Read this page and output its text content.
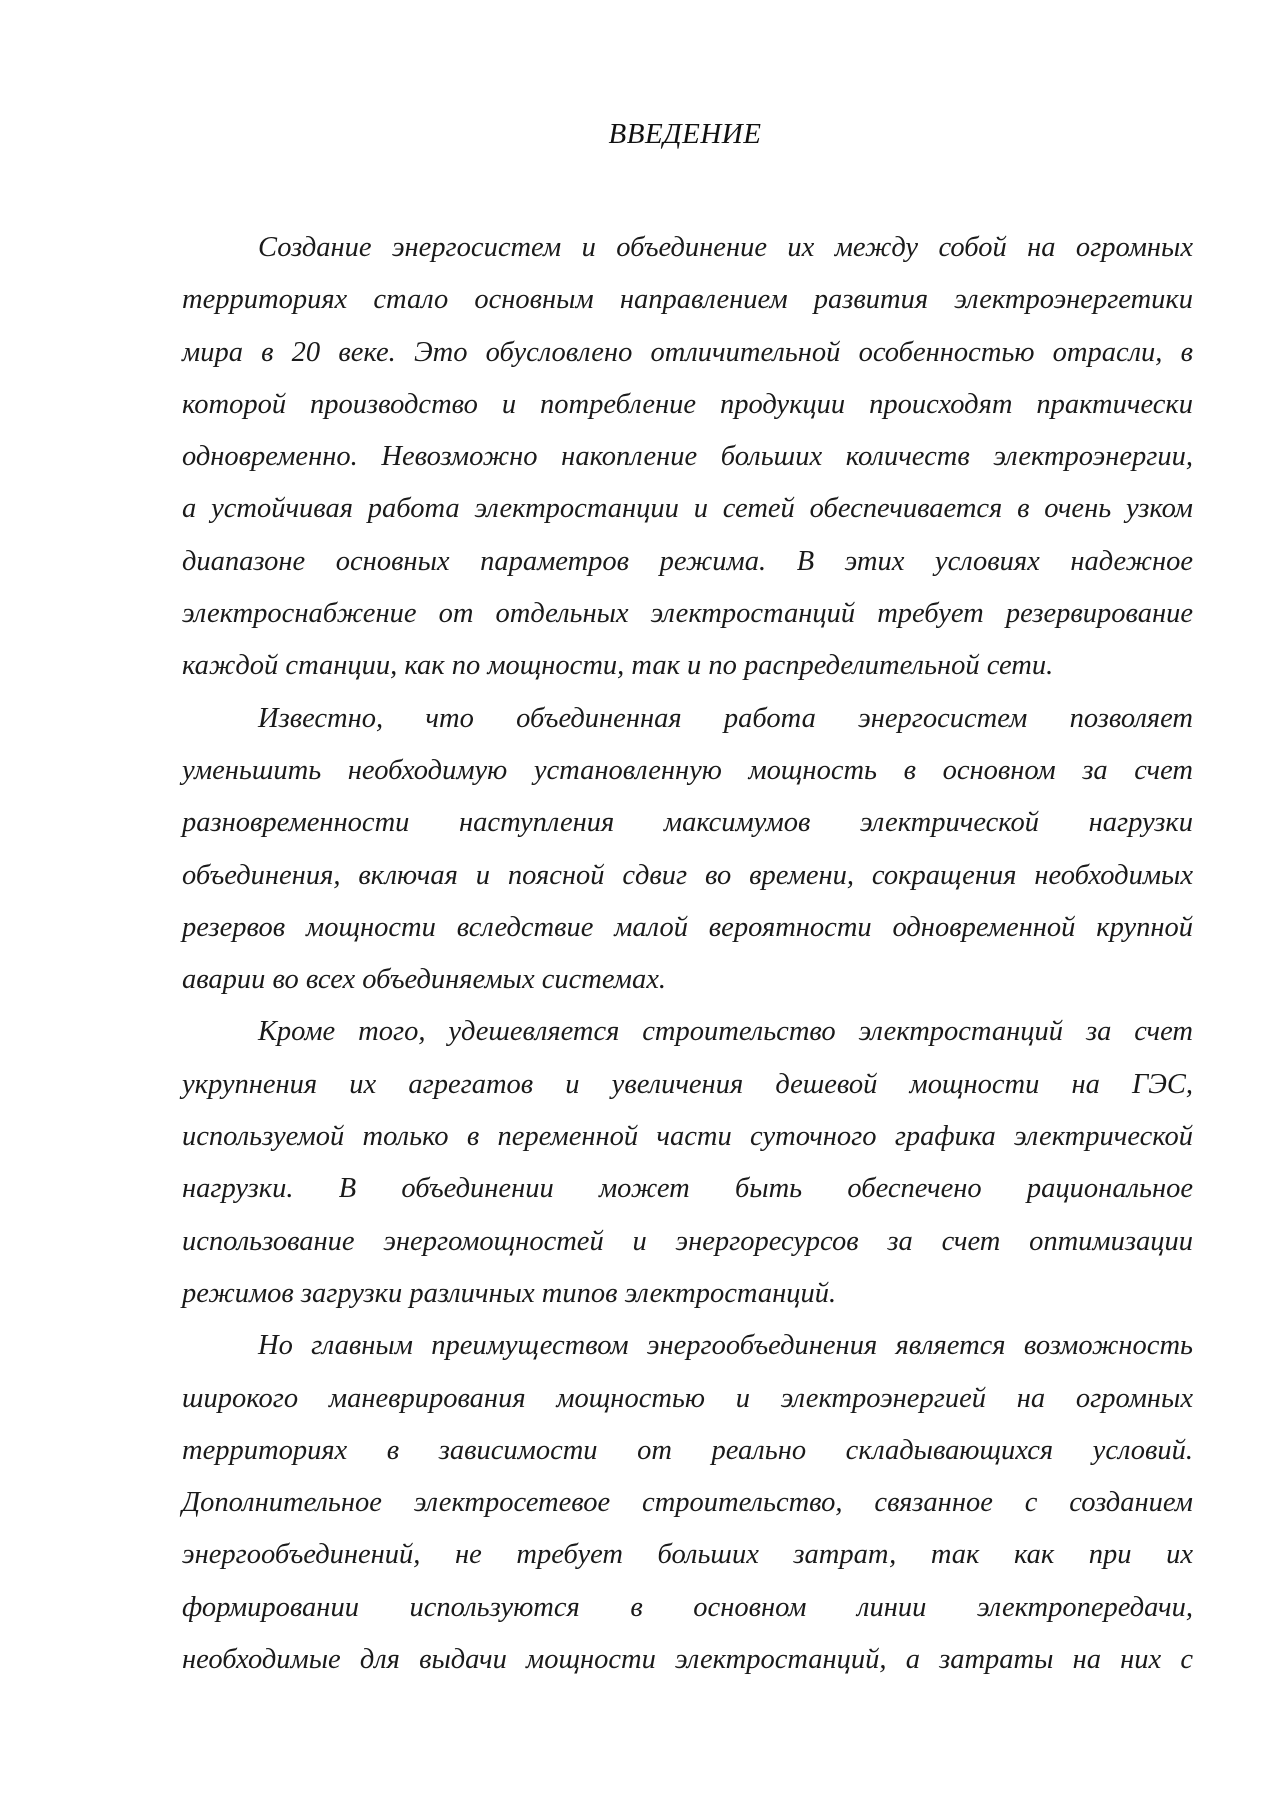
ВВЕДЕНИЕ
Создание энергосистем и объединение их между собой на огромных
территориях стало основным направлением развития электроэнергетики
мира в 20 веке. Это обусловлено отличительной особенностью отрасли, в
которой производство и потребление продукции происходят практически
одновременно. Невозможно накопление больших количеств электроэнергии,
а устойчивая работа электростанции и сетей обеспечивается в очень узком
диапазоне основных параметров режима. В этих условиях надежное
электроснабжение от отдельных электростанций требует резервирование
каждой станции, как по мощности, так и по распределительной сети.
Известно, что объединенная работа энергосистем позволяет
уменьшить необходимую установленную мощность в основном за счет
разновременности наступления максимумов электрической нагрузки
объединения, включая и поясной сдвиг во времени, сокращения необходимых
резервов мощности вследствие малой вероятности одновременной крупной
аварии во всех объединяемых системах.
Кроме того, удешевляется строительство электростанций за счет
укрупнения их агрегатов и увеличения дешевой мощности на ГЭС,
используемой только в переменной части суточного графика электрической
нагрузки. В объединении может быть обеспечено рациональное
использование энергомощностей и энергоресурсов за счет оптимизации
режимов загрузки различных типов электростанций.
Но главным преимуществом энергообъединения является возможность
широкого маневрирования мощностью и электроэнергией на огромных
территориях в зависимости от реально складывающихся условий.
Дополнительное электросетевое строительство, связанное с созданием
энергообъединений, не требует больших затрат, так как при их
формировании используются в основном линии электропередачи,
необходимые для выдачи мощности электростанций, а затраты на них с
